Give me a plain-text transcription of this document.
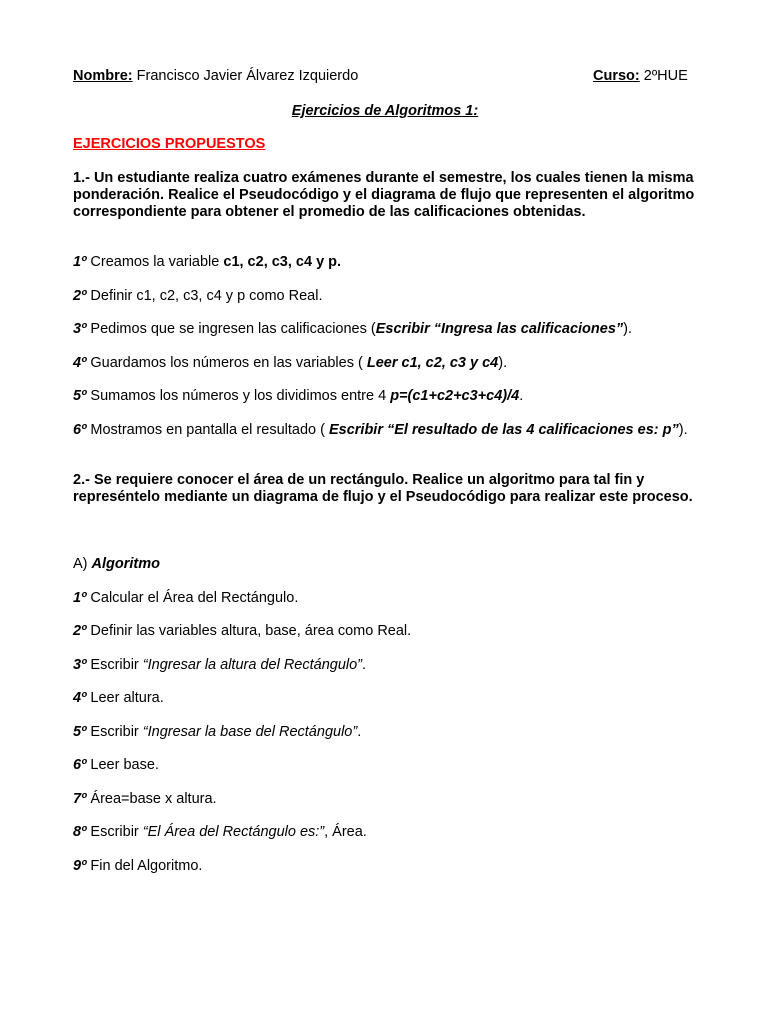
Nombre: Francisco Javier Álvarez Izquierdo	Curso: 2ºHUE
Ejercicios de Algoritmos 1:
EJERCICIOS PROPUESTOS
1.- Un estudiante realiza cuatro exámenes durante el semestre, los cuales tienen la misma ponderación. Realice el Pseudocódigo y el diagrama de flujo que representen el algoritmo correspondiente para obtener el promedio de las calificaciones obtenidas.
1º Creamos la variable c1, c2, c3, c4 y p.
2º Definir c1, c2, c3, c4 y p como Real.
3º Pedimos que se ingresen las calificaciones (Escribir “Ingresa las calificaciones”).
4º Guardamos los números en las variables ( Leer c1, c2, c3 y c4).
5º Sumamos los números y los dividimos entre 4 p=(c1+c2+c3+c4)/4.
6º Mostramos en pantalla el resultado ( Escribir “El resultado de las 4 calificaciones es: p”).
2.- Se requiere conocer el área de un rectángulo. Realice un algoritmo para tal fin y represéntelo mediante un diagrama de flujo y el Pseudocódigo para realizar este proceso.
A) Algoritmo
1º Calcular el Área del Rectángulo.
2º Definir las variables altura, base, área como Real.
3º Escribir “Ingresar la altura del Rectángulo”.
4º Leer altura.
5º Escribir “Ingresar la base del Rectángulo”.
6º Leer base.
7º Área=base x altura.
8º Escribir “El Área del Rectángulo es:”, Área.
9º Fin del Algoritmo.
